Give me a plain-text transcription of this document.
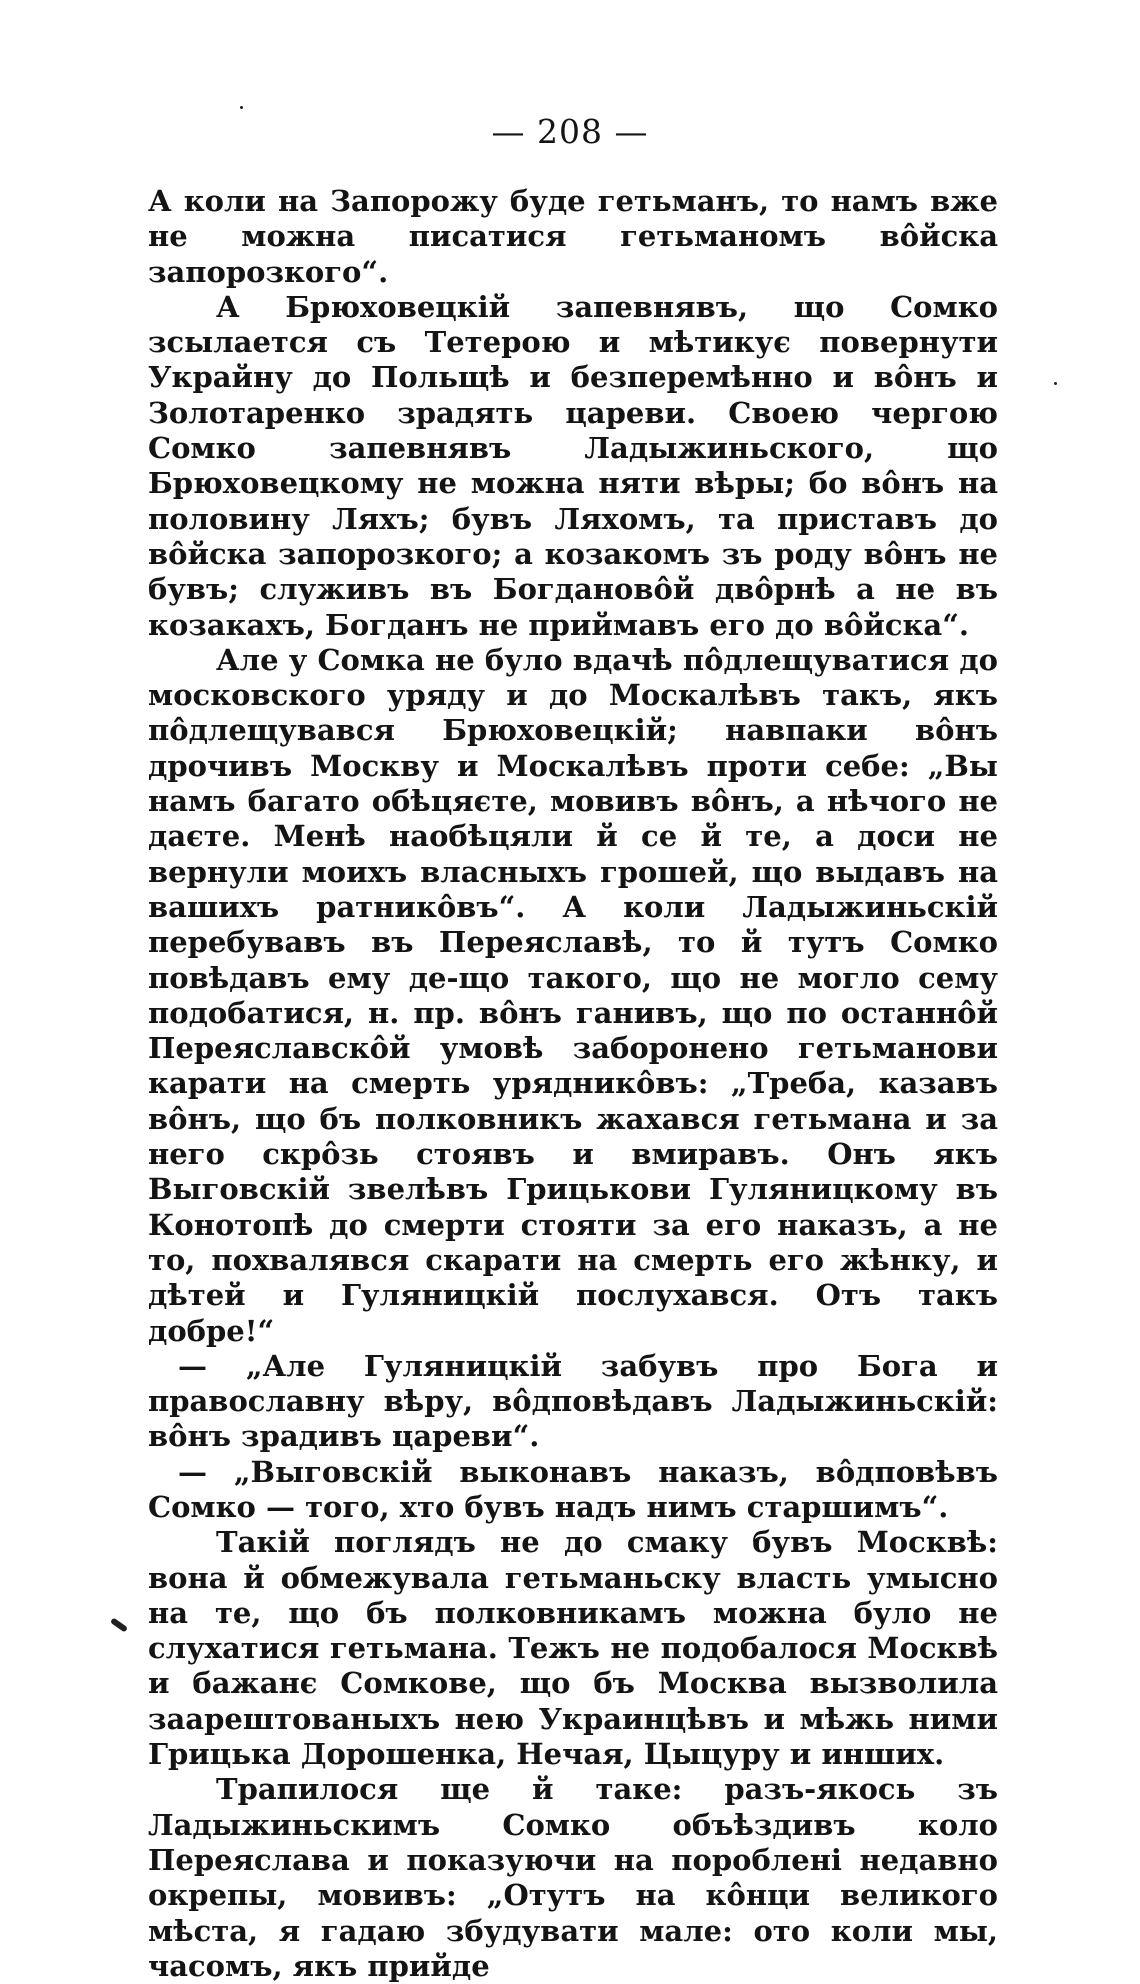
— 208 —

А коли на Запорожу буде гетьманъ, то намъ вже не можна писатися гетьманомъ вôйска запорозкого“.

А Брюховецкій запевнявъ, що Сомко зсылается съ Тетерою и мѣтикує повернути Украйну до Польщѣ и безперемѣнно и вôнъ и Золотаренко зрадять цареви. Своею чергою Сомко запевнявъ Ладыжиньского, що Брюховецкому не можна няти вѣры; бо вôнъ на половину Ляхъ; бувъ Ляхомъ, та приставъ до вôйска запорозкого; а козакомъ зъ роду вôнъ не бувъ; служивъ въ Богдановôй двôрнѣ а не въ козакахъ, Богданъ не приймавъ его до вôйска“.

Але у Сомка не було вдачѣ пôдлещуватися до московского уряду и до Москалѣвъ такъ, якъ пôдлещувався Брюховецкій; навпаки вôнъ дрочивъ Москву и Москалѣвъ проти себе: „Вы намъ багато обѣцяєте, мовивъ вôнъ, а нѣчого не даєте. Менѣ наобѣцяли й се й те, а доси не вернули моихъ власныхъ грошей, що выдавъ на вашихъ ратникôвъ“. А коли Ладыжиньскій перебувавъ въ Переяславѣ, то й тутъ Сомко повѣдавъ ему де-що такого, що не могло сему подобатися, н. пр. вôнъ ганивъ, що по останнôй Переяславскôй умовѣ заборонено гетьманови карати на смерть урядникôвъ: „Треба, казавъ вôнъ, що бъ полковникъ жахався гетьмана и за него скрôзь стоявъ и вмиравъ. Онъ якъ Выговскій звелѣвъ Грицькови Гуляницкому въ Конотопѣ до смерти стояти за его наказъ, а не то, похвалявся скарати на смерть его жѣнку, и дѣтей и Гуляницкій послухався. Отъ такъ добре!“

— „Але Гуляницкій забувъ про Бога и православну вѣру, вôдповѣдавъ Ладыжиньскій: вôнъ зрадивъ цареви“.

— „Выговскій выконавъ наказъ, вôдповѣвъ Сомко — того, хто бувъ надъ нимъ старшимъ“.

Такій поглядъ не до смаку бувъ Москвѣ: вона й обмежувала гетьманьску власть умысно на те, що бъ полковникамъ можна було не слухатися гетьмана. Тежъ не подобалося Москвѣ и бажанє Сомкове, що бъ Москва вызволила заарештованыхъ нею Украинцѣвъ и мѣжь ними Грицька Дорошенка, Нечая, Цыцуру и инших.

Трапилося ще й таке: разъ-якось зъ Ладыжиньскимъ Сомко объѣздивъ коло Переяслава и показуючи на пороблені недавно окрепы, мовивъ: „Отутъ на кôнци великого мѣста, я гадаю збудувати мале: ото коли мы, часомъ, якъ прийде
